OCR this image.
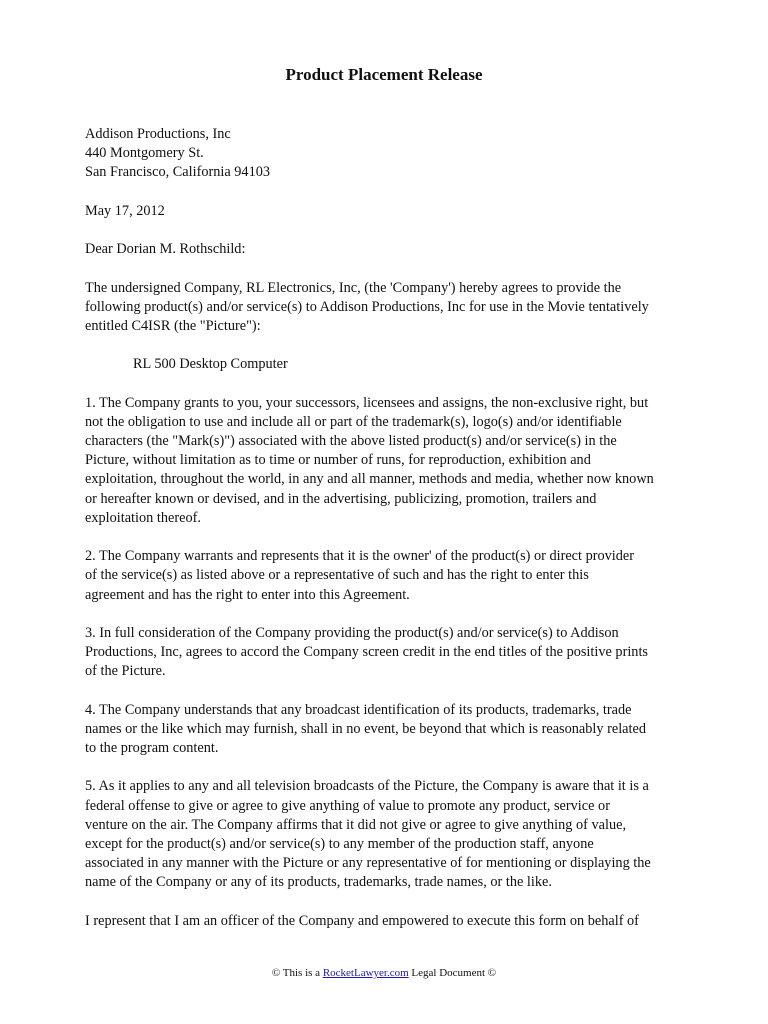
Product Placement Release
Addison Productions, Inc
440 Montgomery St.
San Francisco, California 94103
May 17, 2012
Dear Dorian M. Rothschild:
The undersigned Company, RL Electronics, Inc, (the 'Company') hereby agrees to provide the
following product(s) and/or service(s) to Addison Productions, Inc for use in the Movie tentatively
entitled C4ISR (the "Picture"):
RL 500 Desktop Computer
1. The Company grants to you, your successors, licensees and assigns, the non-exclusive right, but
not the obligation to use and include all or part of the trademark(s), logo(s) and/or identifiable
characters (the "Mark(s)") associated with the above listed product(s) and/or service(s) in the
Picture, without limitation as to time or number of runs, for reproduction, exhibition and
exploitation, throughout the world, in any and all manner, methods and media, whether now known
or hereafter known or devised, and in the advertising, publicizing, promotion, trailers and
exploitation thereof.
2. The Company warrants and represents that it is the owner' of the product(s) or direct provider
of the service(s) as listed above or a representative of such and has the right to enter this
agreement and has the right to enter into this Agreement.
3. In full consideration of the Company providing the product(s) and/or service(s) to Addison
Productions, Inc, agrees to accord the Company screen credit in the end titles of the positive prints
of the Picture.
4. The Company understands that any broadcast identification of its products, trademarks, trade
names or the like which may furnish, shall in no event, be beyond that which is reasonably related
to the program content.
5. As it applies to any and all television broadcasts of the Picture, the Company is aware that it is a
federal offense to give or agree to give anything of value to promote any product, service or
venture on the air. The Company affirms that it did not give or agree to give anything of value,
except for the product(s) and/or service(s) to any member of the production staff, anyone
associated in any manner with the Picture or any representative of for mentioning or displaying the
name of the Company or any of its products, trademarks, trade names, or the like.
I represent that I am an officer of the Company and empowered to execute this form on behalf of
© This is a RocketLawyer.com Legal Document ©
